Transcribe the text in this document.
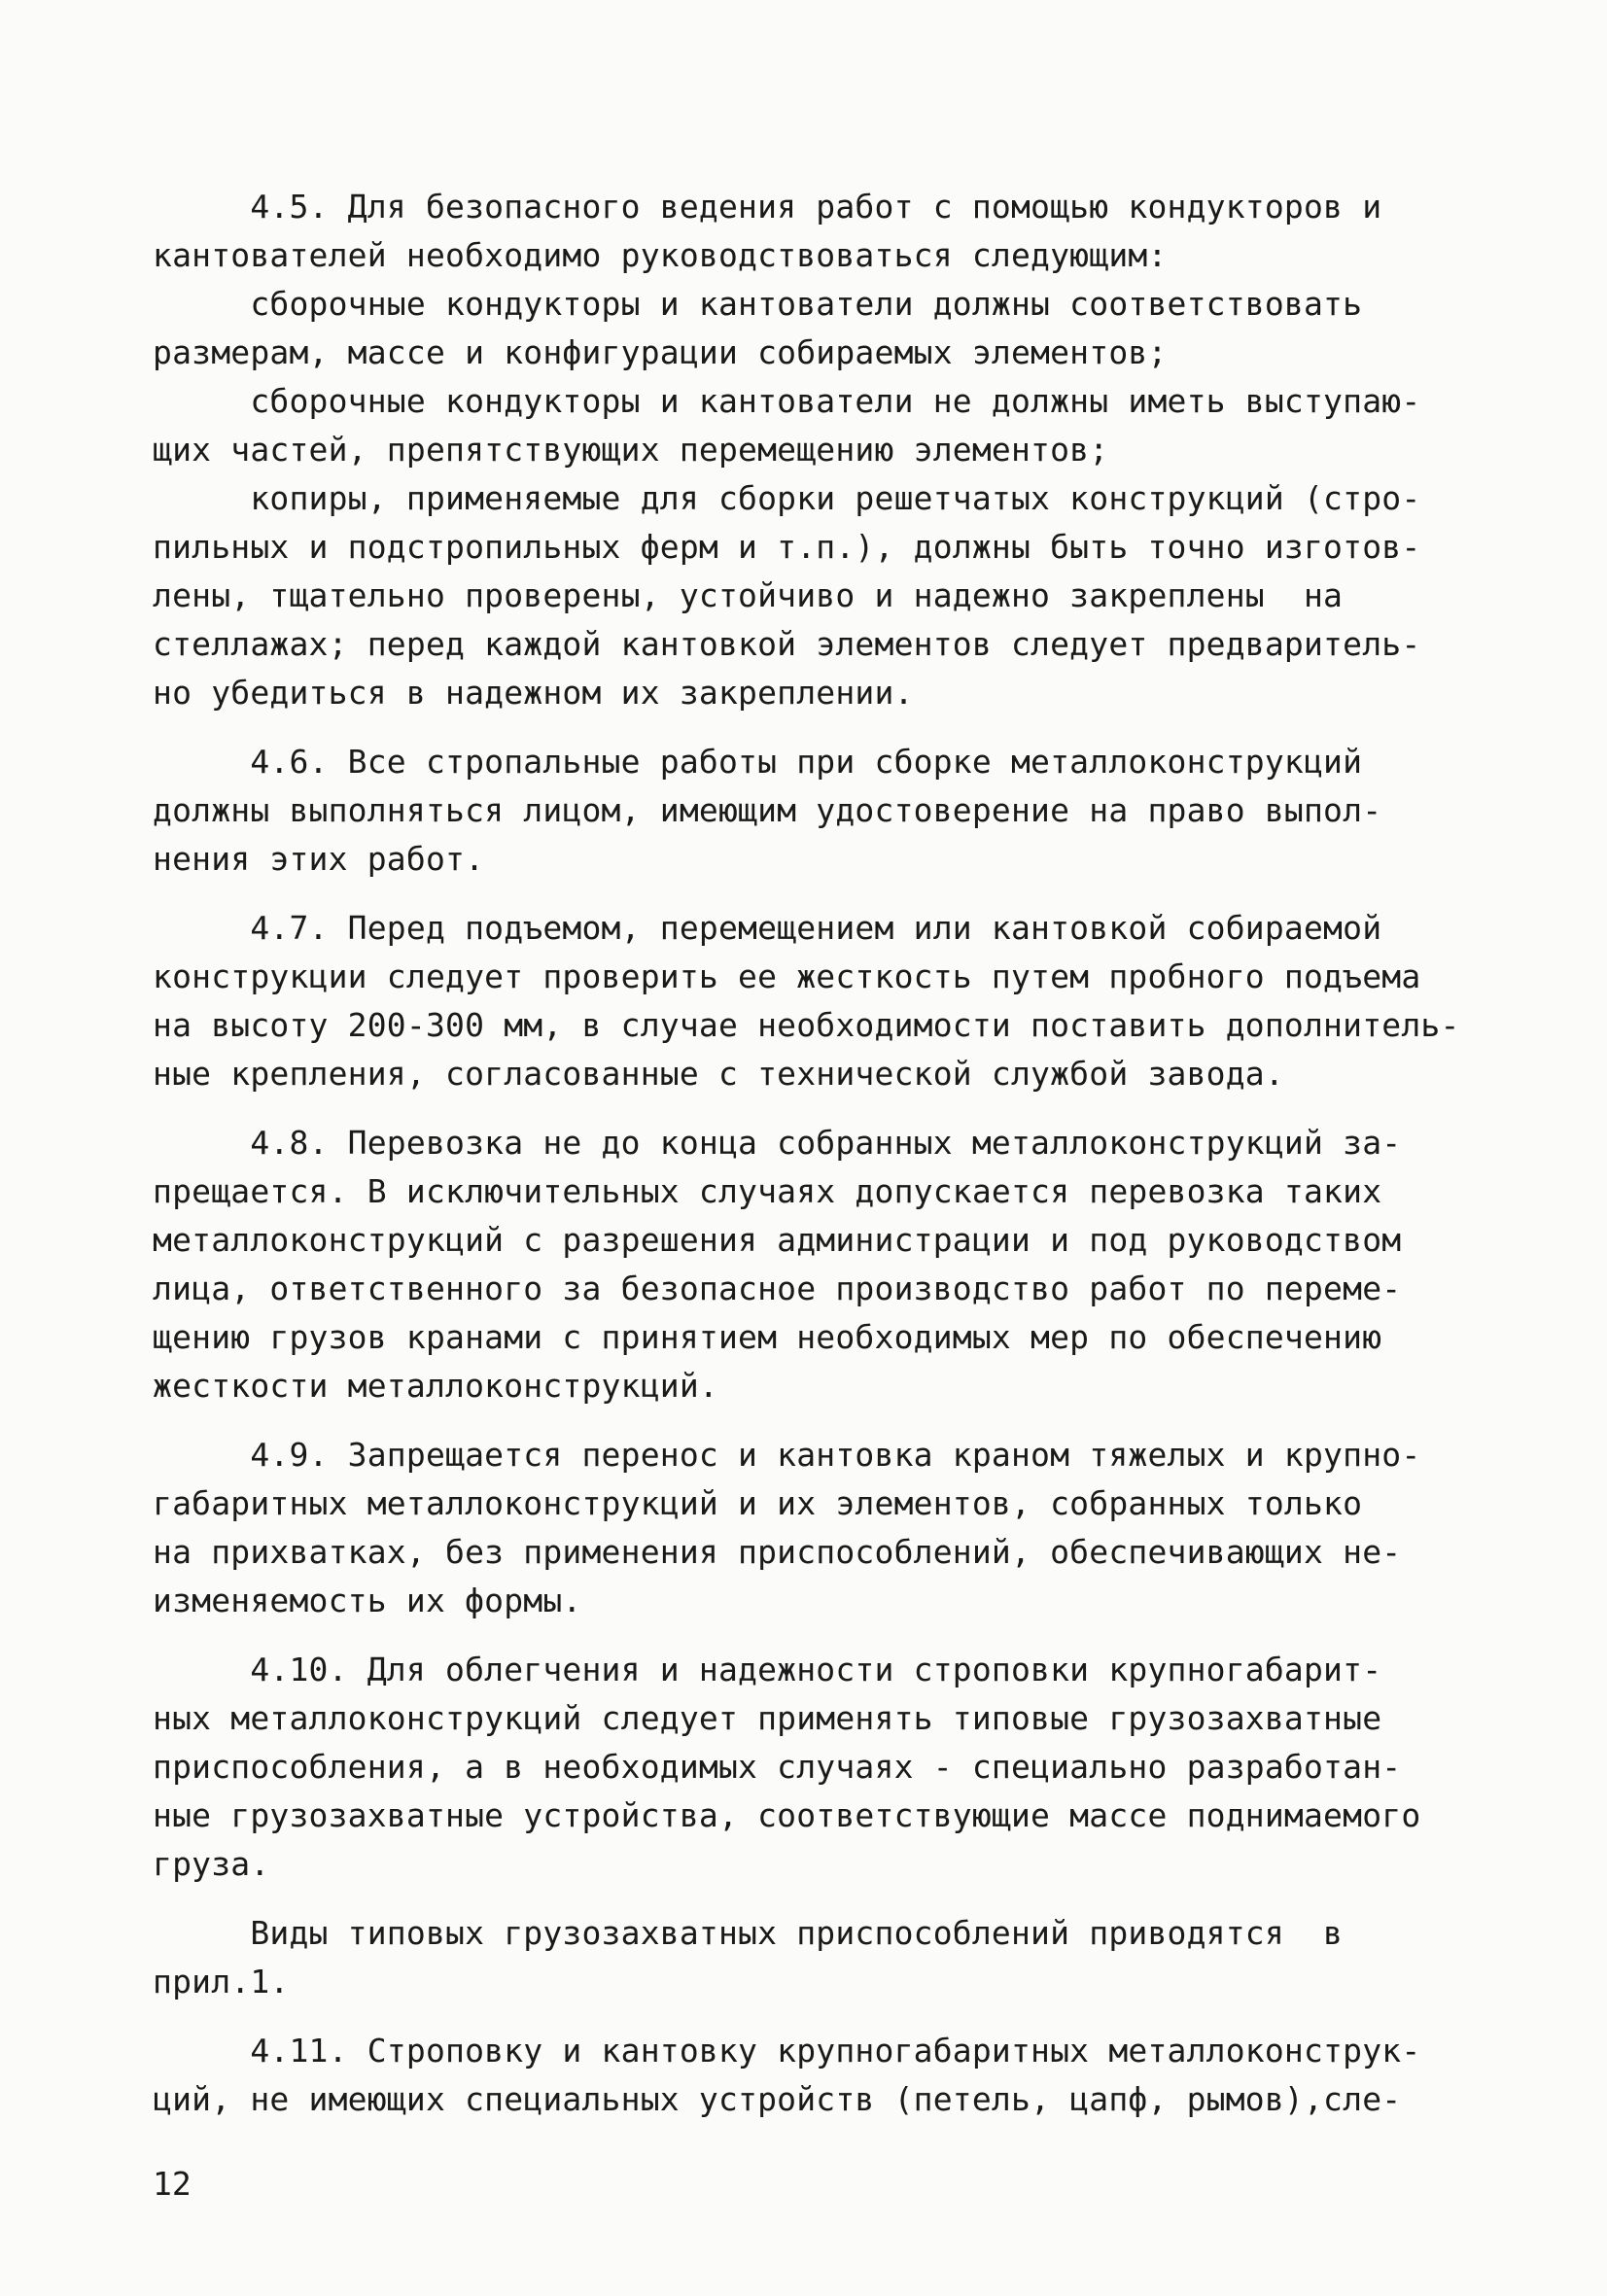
4.5. Для безопасного ведения работ с помощью кондукторов и
кантователей необходимо руководствоваться следующим:
сборочные кондукторы и кантователи должны соответствовать
размерам, массе и конфигурации собираемых элементов;
сборочные кондукторы и кантователи не должны иметь выступаю-
щих частей, препятствующих перемещению элементов;
копиры, применяемые для сборки решетчатых конструкций (стро-
пильных и подстропильных ферм и т.п.), должны быть точно изготов-
лены, тщательно проверены, устойчиво и надежно закреплены  на
стеллажах; перед каждой кантовкой элементов следует предваритель-
но убедиться в надежном их закреплении.
4.6. Все стропальные работы при сборке металлоконструкций
должны выполняться лицом, имеющим удостоверение на право выпол-
нения этих работ.
4.7. Перед подъемом, перемещением или кантовкой собираемой
конструкции следует проверить ее жесткость путем пробного подъема
на высоту 200-300 мм, в случае необходимости поставить дополнитель-
ные крепления, согласованные с технической службой завода.
4.8. Перевозка не до конца собранных металлоконструкций за-
прещается. В исключительных случаях допускается перевозка таких
металлоконструкций с разрешения администрации и под руководством
лица, ответственного за безопасное производство работ по переме-
щению грузов кранами с принятием необходимых мер по обеспечению
жесткости металлоконструкций.
4.9. Запрещается перенос и кантовка краном тяжелых и крупно-
габаритных металлоконструкций и их элементов, собранных только
на прихватках, без применения приспособлений, обеспечивающих не-
изменяемость их формы.
4.10. Для облегчения и надежности строповки крупногабарит-
ных металлоконструкций следует применять типовые грузозахватные
приспособления, а в необходимых случаях - специально разработан-
ные грузозахватные устройства, соответствующие массе поднимаемого
груза.
Виды типовых грузозахватных приспособлений приводятся  в
прил.1.
4.11. Строповку и кантовку крупногабаритных металлоконструк-
ций, не имеющих специальных устройств (петель, цапф, рымов),сле-
12
